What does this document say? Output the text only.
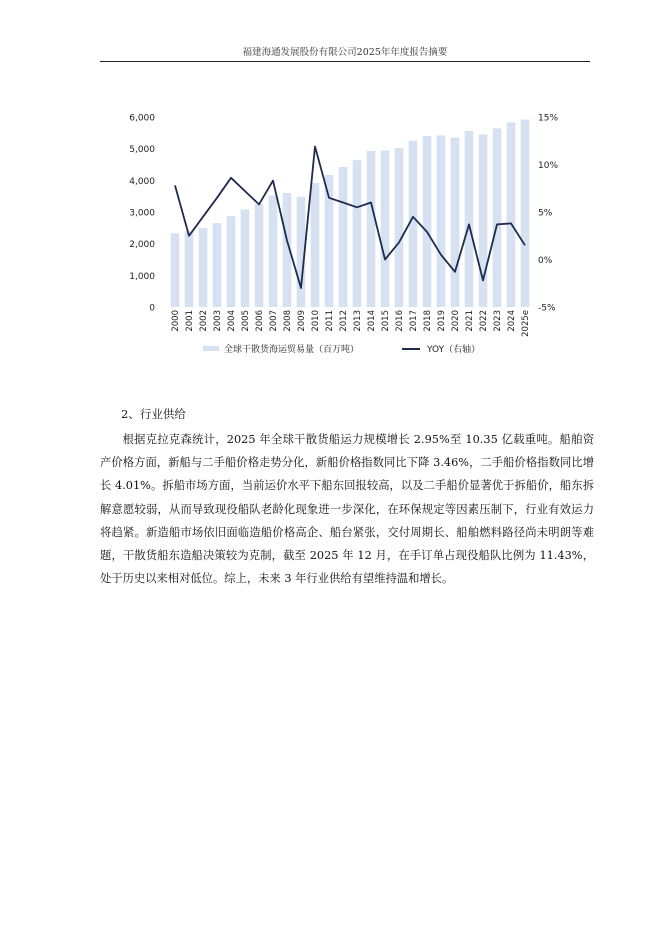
福建海通发展股份有限公司2025年年度报告摘要
0
1,000
2,000
3,000
4,000
5,000
6,000
-5%
0%
5%
10%
15%
2000 2001 2002 2003 2004 2005 2006 2007 2008 2009 2010 2011 2012 2013 2014 2015 2016 2017 2018 2019 2020 2021 2022 2023 2024 2025e
全球干散货海运贸易量（百万吨）	YOY（右轴）
2、行业供给
根据克拉克森统计，2025 年全球干散货船运力规模增长 2.95%至 10.35 亿载重吨。船舶资产价格方面，新船与二手船价格走势分化，新船价格指数同比下降 3.46%，二手船价格指数同比增长 4.01%。拆船市场方面，当前运价水平下船东回报较高，以及二手船价显著优于拆船价，船东拆解意愿较弱，从而导致现役船队老龄化现象进一步深化，在环保规定等因素压制下，行业有效运力将趋紧。新造船市场依旧面临造船价格高企、船台紧张，交付周期长、船舶燃料路径尚未明朗等难题，干散货船东造船决策较为克制，截至 2025 年 12 月，在手订单占现役船队比例为 11.43%，处于历史以来相对低位。综上，未来 3 年行业供给有望维持温和增长。
